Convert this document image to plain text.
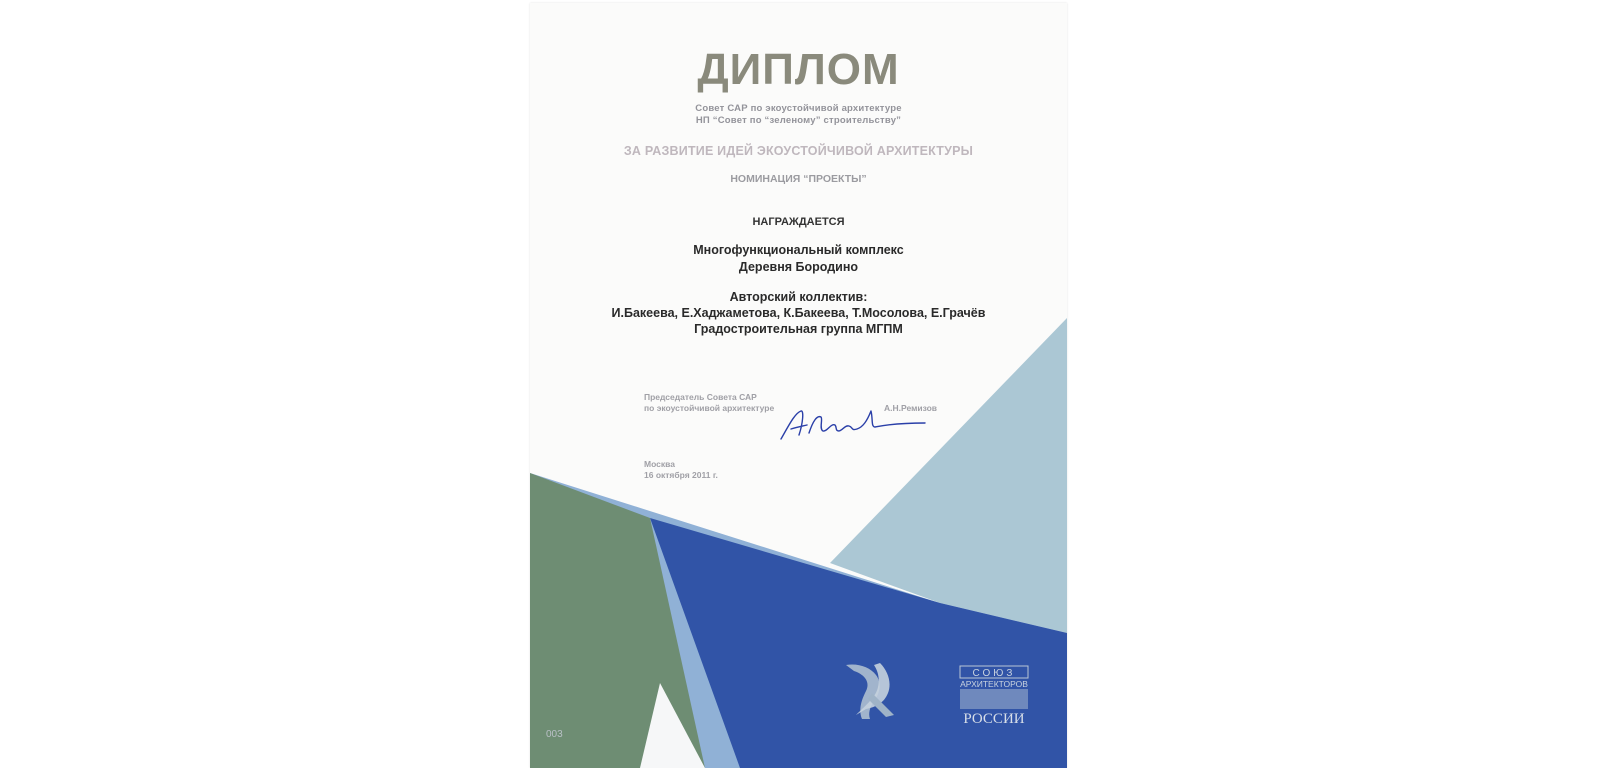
ДИПЛОМ
Совет САР по экоустойчивой архитектуре
НП “Совет по “зеленому” строительству”
ЗА РАЗВИТИЕ ИДЕЙ ЭКОУСТОЙЧИВОЙ АРХИТЕКТУРЫ
НОМИНАЦИЯ “ПРОЕКТЫ”
НАГРАЖДАЕТСЯ
Многофункциональный комплекс
Деревня Бородино
Авторский коллектив:
И.Бакеева, Е.Хаджаметова, К.Бакеева, Т.Мосолова, Е.Грачёв
Градостроительная группа МГПМ
Председатель Совета САР
по экоустойчивой архитектуре	А.Н.Ремизов
Москва
16 октября 2011 г.
003
СОЮЗ
АРХИТЕКТОРОВ
РОССИИ
